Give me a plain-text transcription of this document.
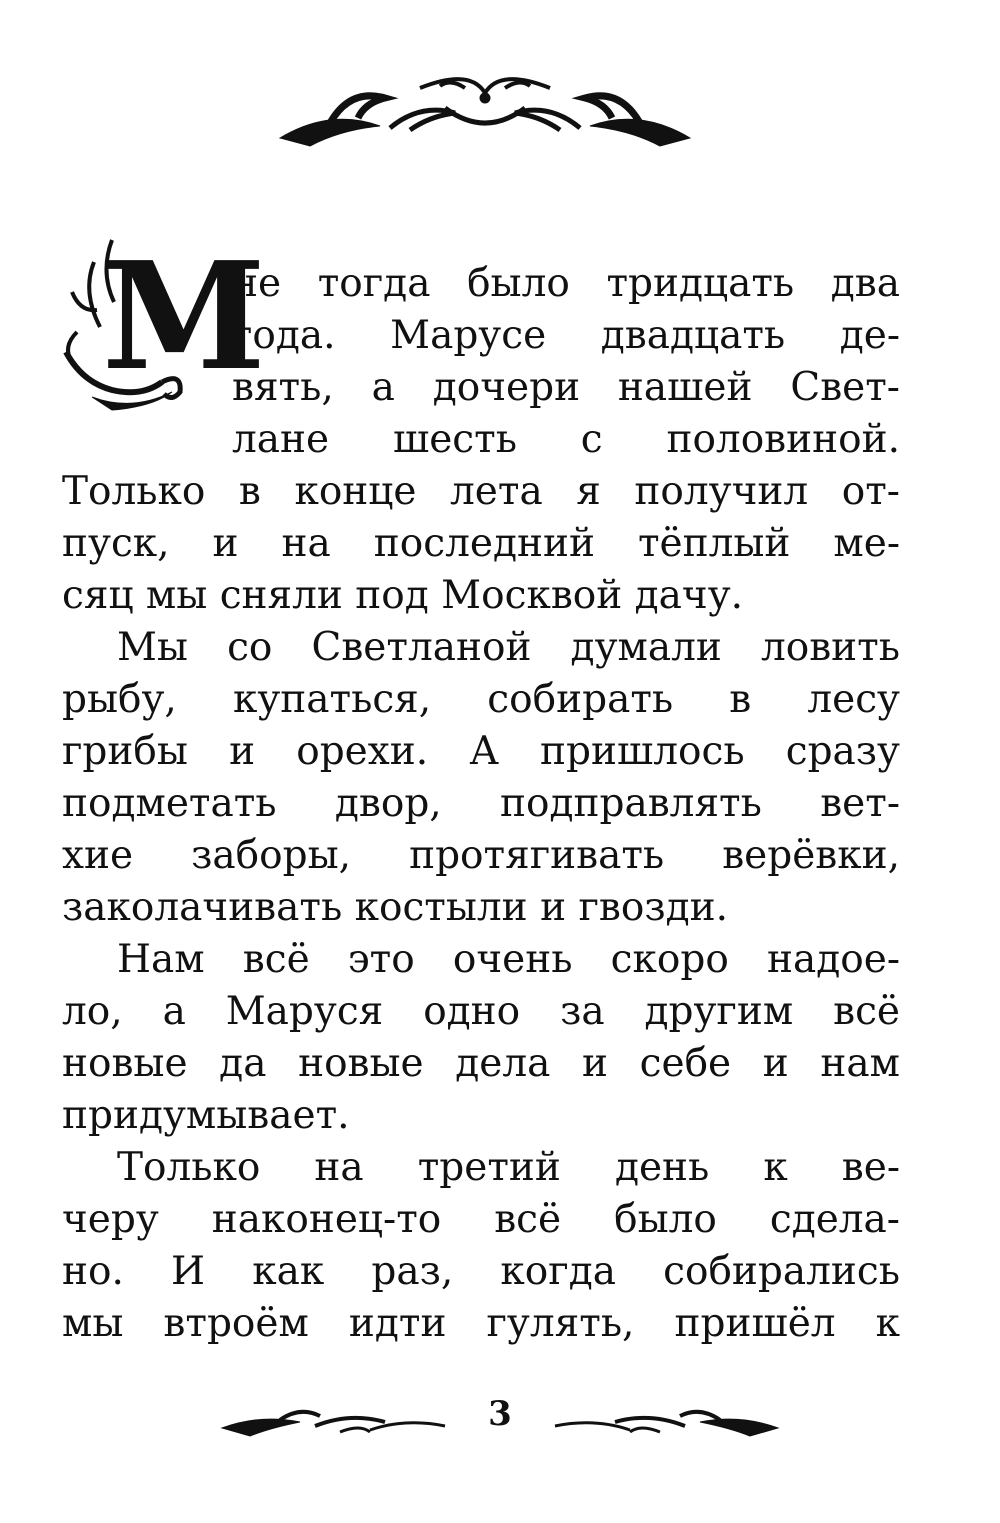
М
не тогда было тридцать два
года. Марусе двадцать де-
вять, а дочери нашей Свет-
лане шесть с половиной.
Только в конце лета я получил от-
пуск, и на последний тёплый ме-
сяц мы сняли под Москвой дачу.
Мы со Светланой думали ловить
рыбу, купаться, собирать в лесу
грибы и орехи. А пришлось сразу
подметать двор, подправлять вет-
хие заборы, протягивать верёвки,
заколачивать костыли и гвозди.
Нам всё это очень скоро надое-
ло, а Маруся одно за другим всё
новые да новые дела и себе и нам
придумывает.
Только на третий день к ве-
черу наконец-то всё было сдела-
но. И как раз, когда собирались
мы втроём идти гулять, пришёл к
3
